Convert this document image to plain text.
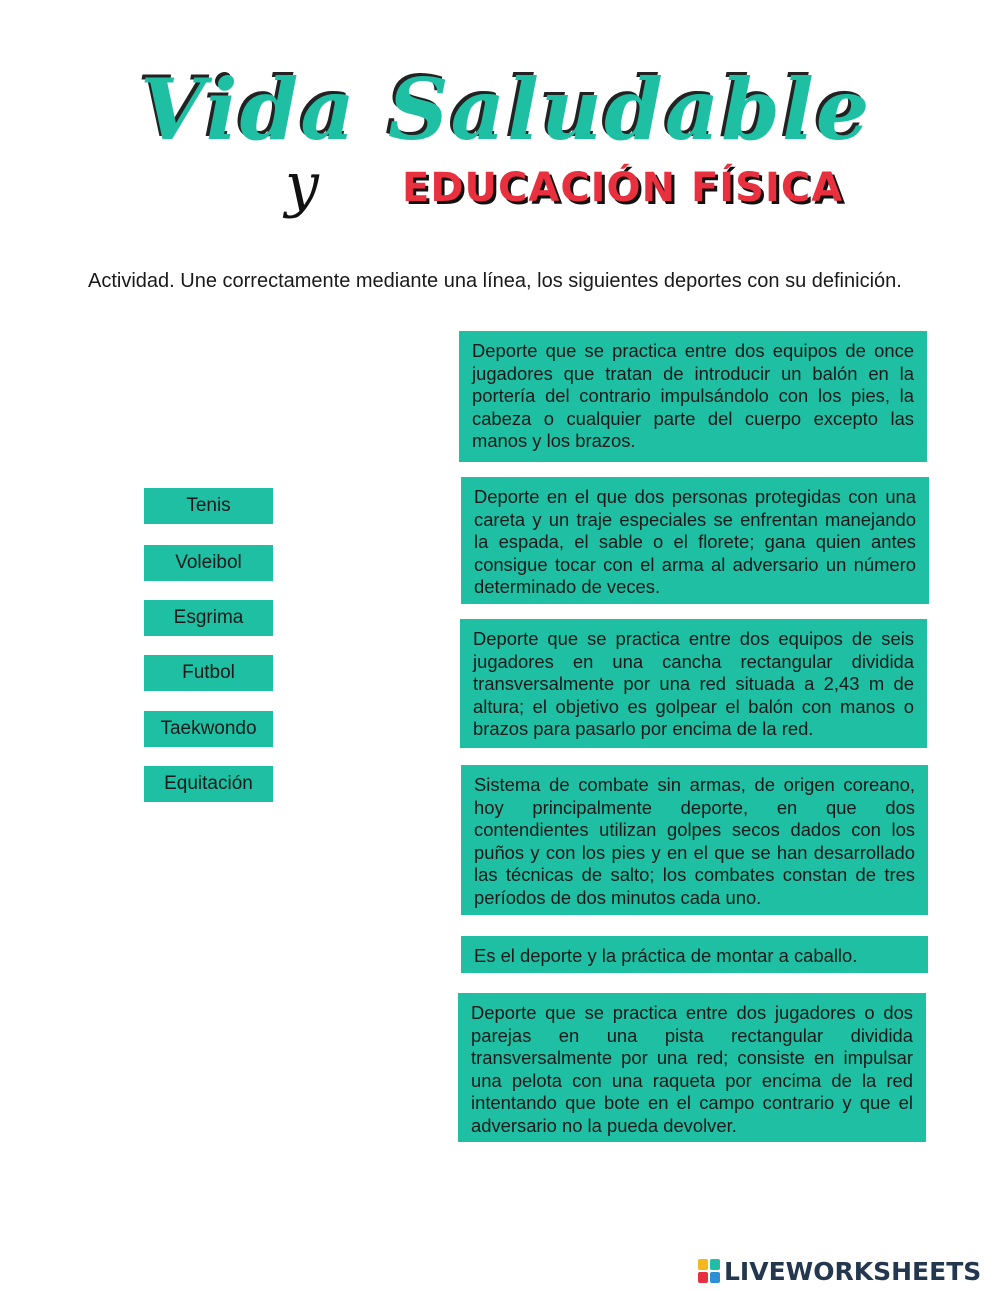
Vida Saludable
y	EDUCACIÓN FÍSICA
Actividad. Une correctamente mediante una línea, los siguientes deportes con su definición.
Tenis
Voleibol
Esgrima
Futbol
Taekwondo
Equitación
Deporte que se practica entre dos equipos de once jugadores que tratan de introducir un balón en la portería del contrario impulsándolo con los pies, la cabeza o cualquier parte del cuerpo excepto las manos y los brazos.
Deporte en el que dos personas protegidas con una careta y un traje especiales se enfrentan manejando la espada, el sable o el florete; gana quien antes consigue tocar con el arma al adversario un número determinado de veces.
Deporte que se practica entre dos equipos de seis jugadores en una cancha rectangular dividida transversalmente por una red situada a 2,43 m de altura; el objetivo es golpear el balón con manos o brazos para pasarlo por encima de la red.
Sistema de combate sin armas, de origen coreano, hoy principalmente deporte, en que dos contendientes utilizan golpes secos dados con los puños y con los pies y en el que se han desarrollado las técnicas de salto; los combates constan de tres períodos de dos minutos cada uno.
Es el deporte y la práctica de montar a caballo.
Deporte que se practica entre dos jugadores o dos parejas en una pista rectangular dividida transversalmente por una red; consiste en impulsar una pelota con una raqueta por encima de la red intentando que bote en el campo contrario y que el adversario no la pueda devolver.
LIVEWORKSHEETS
